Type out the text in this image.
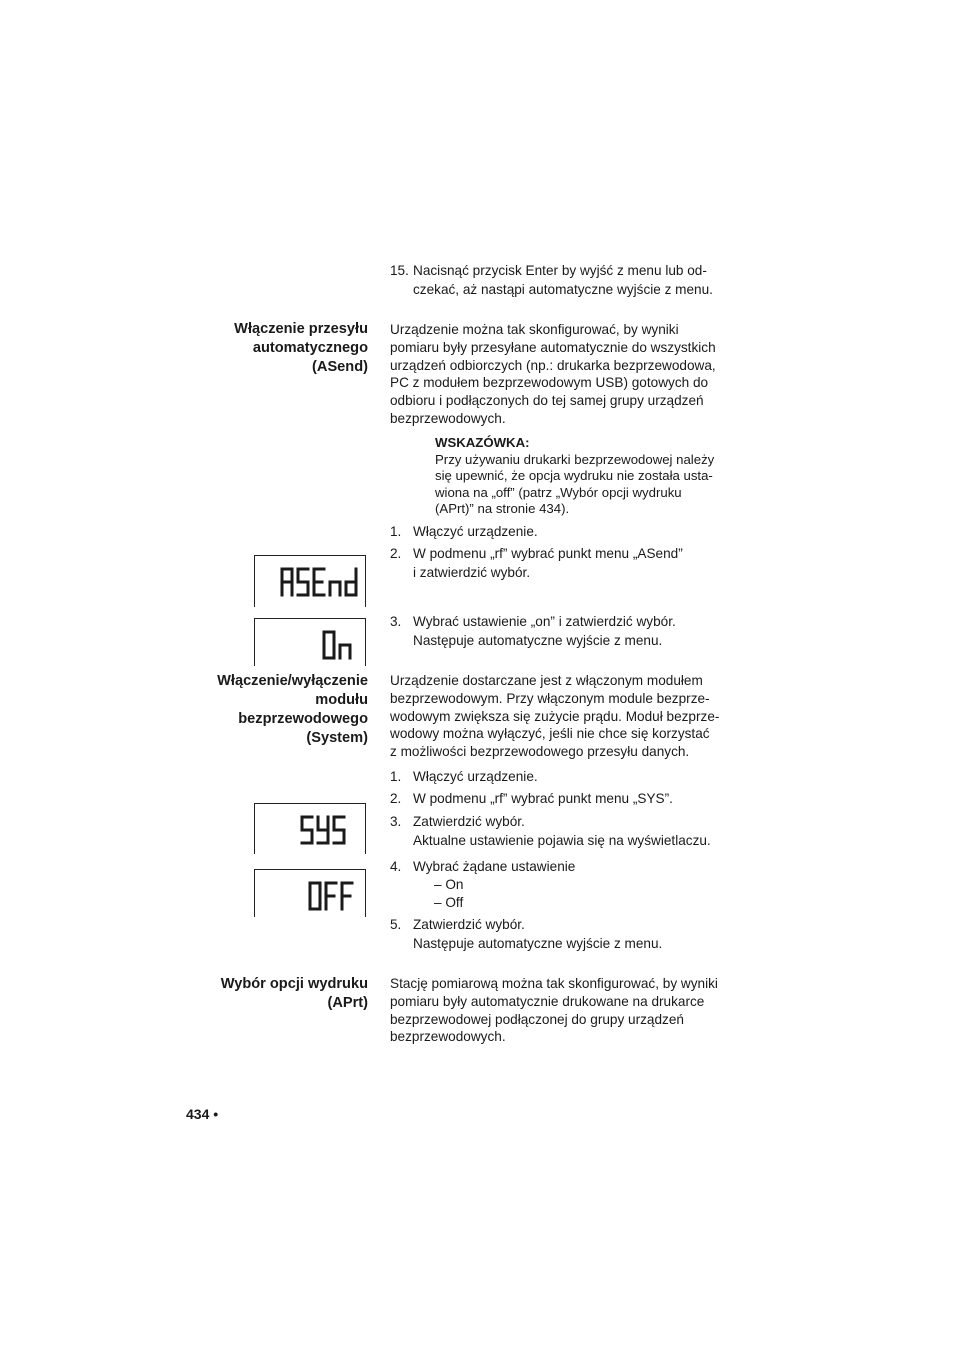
15. Nacisnąć przycisk Enter by wyjść z menu lub od-
czekać, aż nastąpi automatyczne wyjście z menu.
Włączenie przesyłu
automatycznego
(ASend)
Urządzenie można tak skonfigurować, by wyniki
pomiaru były przesyłane automatycznie do wszystkich
urządzeń odbiorczych (np.: drukarka bezprzewodowa,
PC z modułem bezprzewodowym USB) gotowych do
odbioru i podłączonych do tej samej grupy urządzeń
bezprzewodowych.
WSKAZÓWKA:
Przy używaniu drukarki bezprzewodowej należy
się upewnić, że opcja wydruku nie została usta-
wiona na „off” (patrz „Wybór opcji wydruku
(APrt)” na stronie 434).
1. Włączyć urządzenie.
2. W podmenu „rf” wybrać punkt menu „ASend”
i zatwierdzić wybór.
3. Wybrać ustawienie „on” i zatwierdzić wybór.
Następuje automatyczne wyjście z menu.
Włączenie/wyłączenie
modułu
bezprzewodowego
(System)
Urządzenie dostarczane jest z włączonym modułem
bezprzewodowym. Przy włączonym module bezprze-
wodowym zwiększa się zużycie prądu. Moduł bezprze-
wodowy można wyłączyć, jeśli nie chce się korzystać
z możliwości bezprzewodowego przesyłu danych.
1. Włączyć urządzenie.
2. W podmenu „rf” wybrać punkt menu „SYS”.
3. Zatwierdzić wybór.
Aktualne ustawienie pojawia się na wyświetlaczu.
4. Wybrać żądane ustawienie
– On
– Off
5. Zatwierdzić wybór.
Następuje automatyczne wyjście z menu.
Wybór opcji wydruku
(APrt)
Stację pomiarową można tak skonfigurować, by wyniki
pomiaru były automatycznie drukowane na drukarce
bezprzewodowej podłączonej do grupy urządzeń
bezprzewodowych.
434 •
